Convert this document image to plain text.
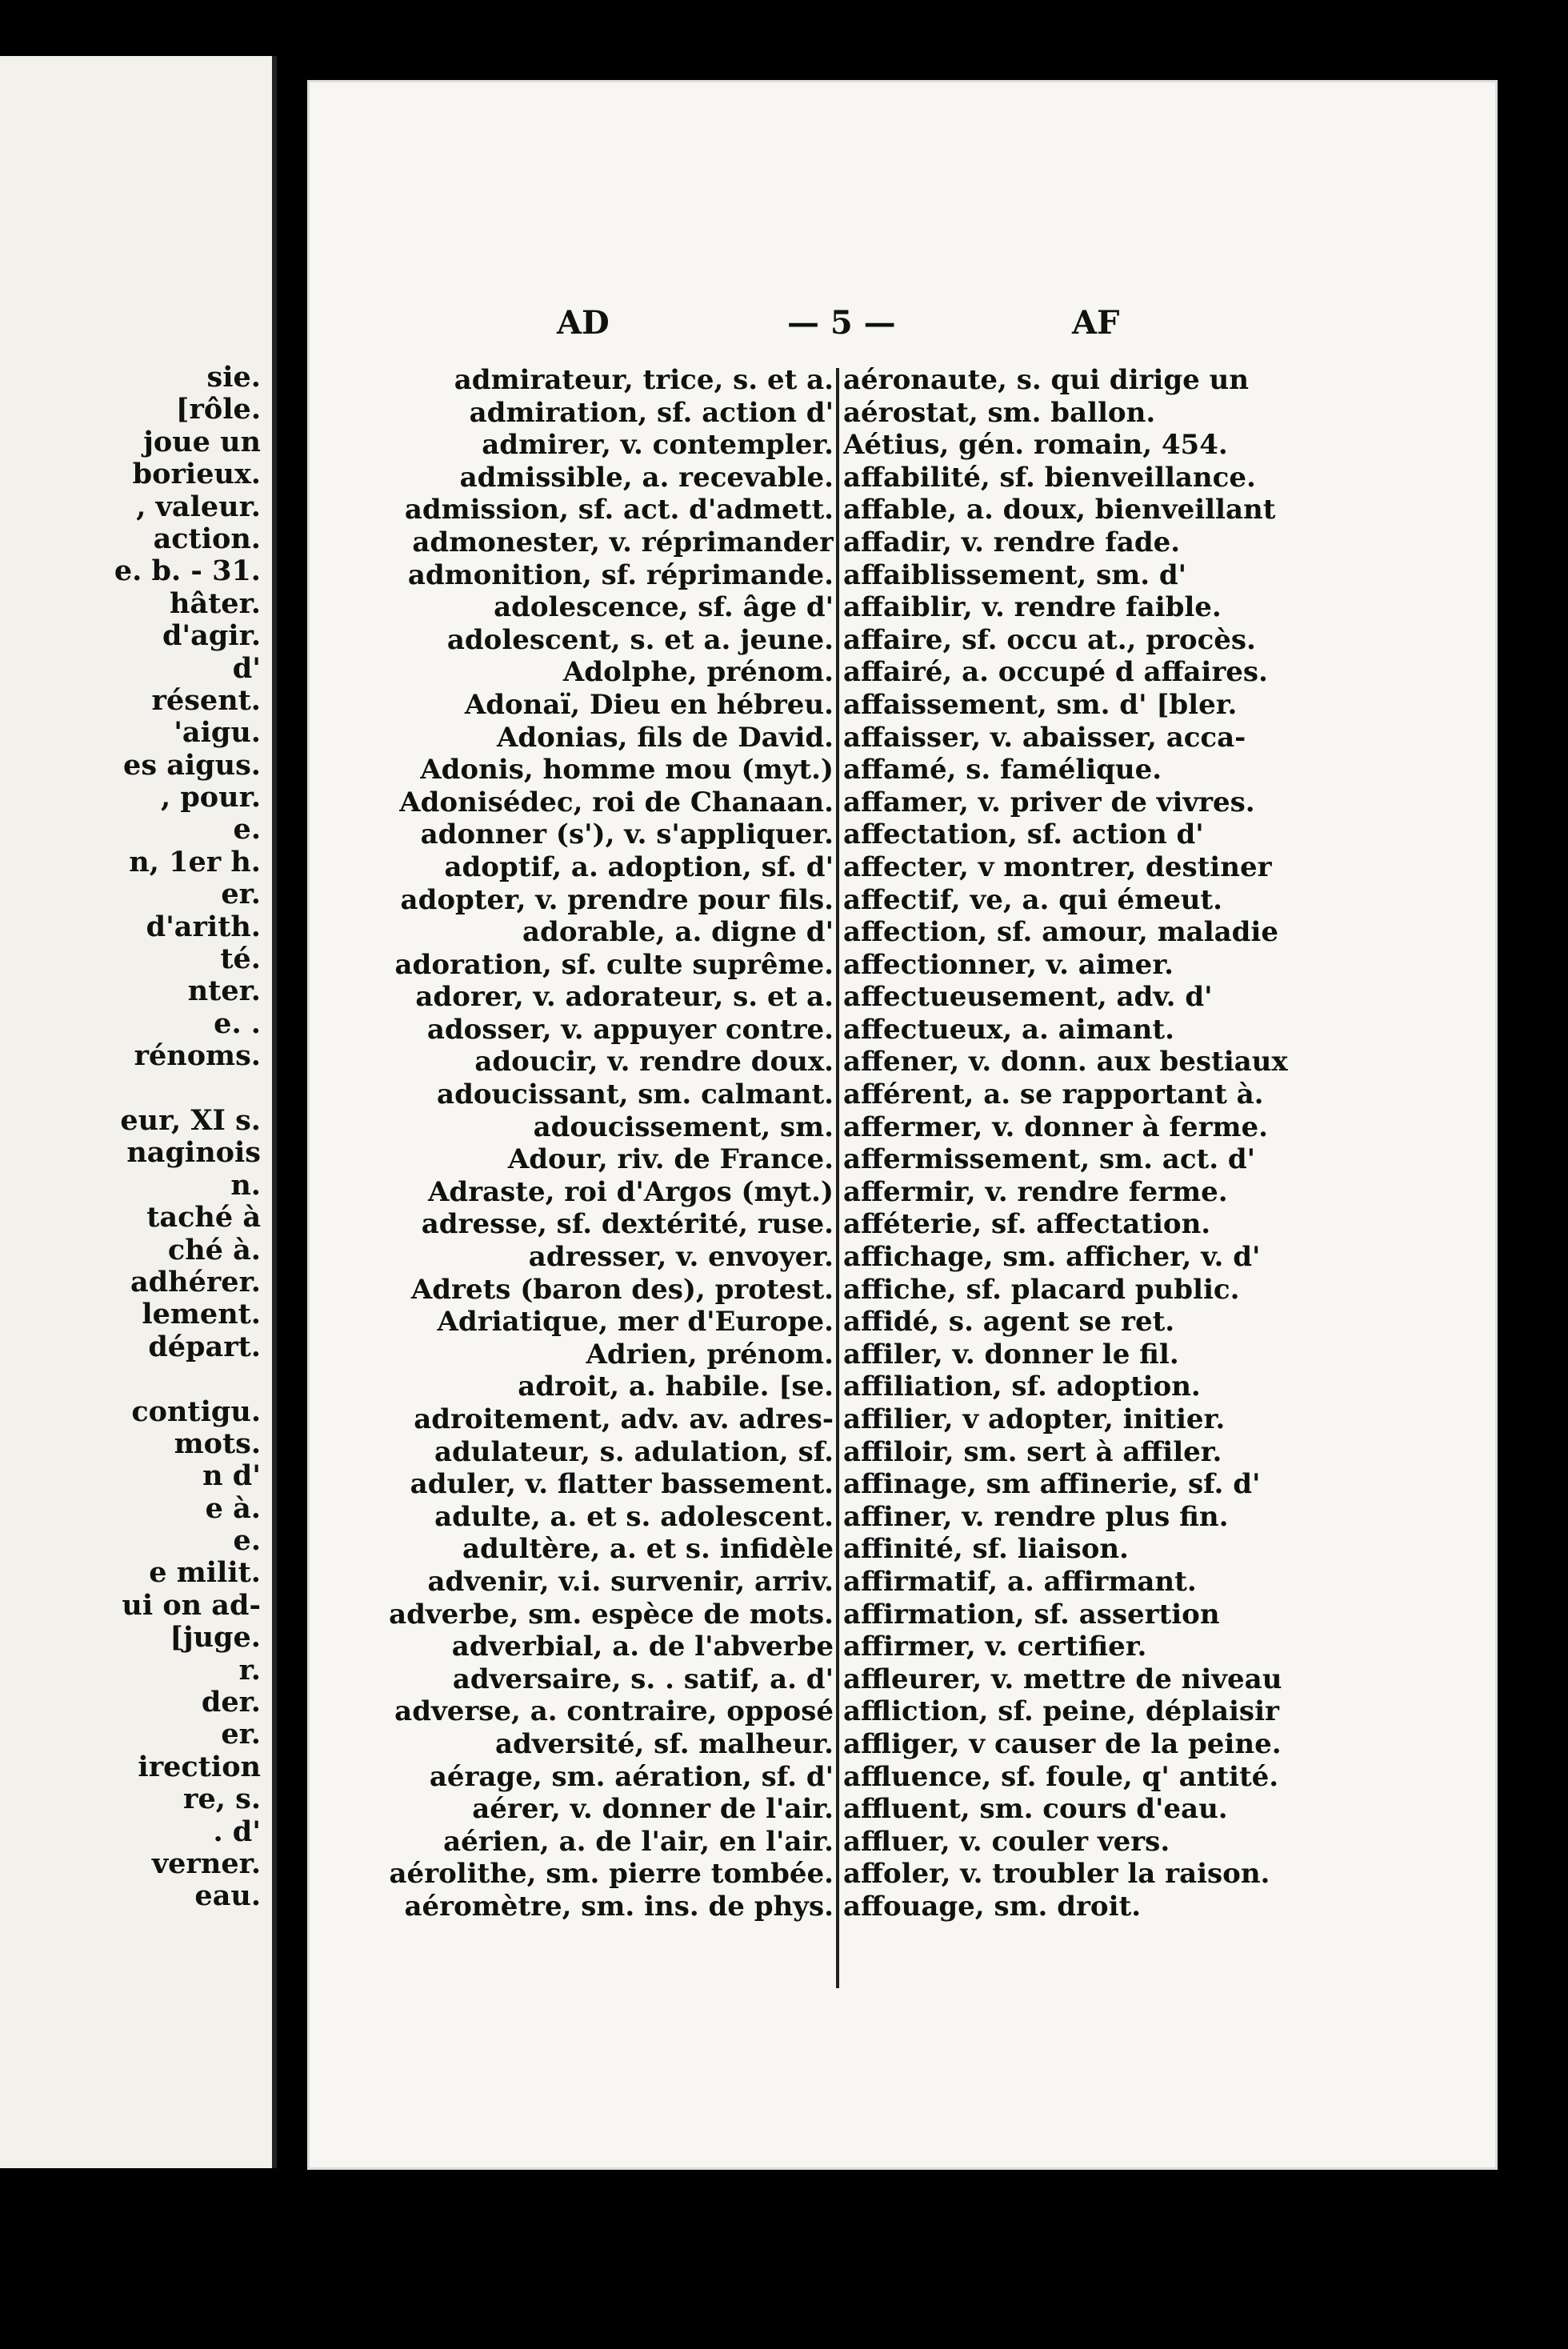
sie.
[rôle.
joue un
borieux.
, valeur.
action.
e. b. - 31.
hâter.
d'agir.
d'
résent.
'aigu.
es aigus.
, pour.
e.
n, 1er h.
er.
d'arith.
té.
nter.
e. .
rénoms.
eur, XI s.
naginois
n.
taché à
ché à.
adhérer.
lement.
départ.
contigu.
mots.
n d'
e à.
e.
e milit.
ui on ad-
[juge.
r.
der.
er.
irection
re, s.
. d'
verner.
eau.
AD	— 5 —	AF
admirateur, trice, s. et a.
admiration, sf. action d'
admirer, v. contempler.
admissible, a. recevable.
admission, sf. act. d'admett.
admonester, v. réprimander
admonition, sf. réprimande.
adolescence, sf. âge d'
adolescent, s. et a. jeune.
Adolphe, prénom.
Adonaï, Dieu en hébreu.
Adonias, fils de David.
Adonis, homme mou (myt.)
Adonisédec, roi de Chanaan.
adonner (s'), v. s'appliquer.
adoptif, a. adoption, sf. d'
adopter, v. prendre pour fils.
adorable, a. digne d'
adoration, sf. culte suprême.
adorer, v. adorateur, s. et a.
adosser, v. appuyer contre.
adoucir, v. rendre doux.
adoucissant, sm. calmant.
adoucissement, sm.
Adour, riv. de France.
Adraste, roi d'Argos (myt.)
adresse, sf. dextérité, ruse.
adresser, v. envoyer.
Adrets (baron des), protest.
Adriatique, mer d'Europe.
Adrien, prénom.
adroit, a. habile. [se.
adroitement, adv. av. adres-
adulateur, s. adulation, sf.
aduler, v. flatter bassement.
adulte, a. et s. adolescent.
adultère, a. et s. infidèle
advenir, v.i. survenir, arriv.
adverbe, sm. espèce de mots.
adverbial, a. de l'abverbe
adversaire, s. . satif, a. d'
adverse, a. contraire, opposé
adversité, sf. malheur.
aérage, sm. aération, sf. d'
aérer, v. donner de l'air.
aérien, a. de l'air, en l'air.
aérolithe, sm. pierre tombée.
aéromètre, sm. ins. de phys.
aéronaute, s. qui dirige un
aérostat, sm. ballon.
Aétius, gén. romain, 454.
affabilité, sf. bienveillance.
affable, a. doux, bienveillant
affadir, v. rendre fade.
affaiblissement, sm. d'
affaiblir, v. rendre faible.
affaire, sf. occu at., procès.
affairé, a. occupé d affaires.
affaissement, sm. d' [bler.
affaisser, v. abaisser, acca-
affamé, s. famélique.
affamer, v. priver de vivres.
affectation, sf. action d'
affecter, v montrer, destiner
affectif, ve, a. qui émeut.
affection, sf. amour, maladie
affectionner, v. aimer.
affectueusement, adv. d'
affectueux, a. aimant.
affener, v. donn. aux bestiaux
afférent, a. se rapportant à.
affermer, v. donner à ferme.
affermissement, sm. act. d'
affermir, v. rendre ferme.
afféterie, sf. affectation.
affichage, sm. afficher, v. d'
affiche, sf. placard public.
affidé, s. agent se ret.
affiler, v. donner le fil.
affiliation, sf. adoption.
affilier, v adopter, initier.
affiloir, sm. sert à affiler.
affinage, sm affinerie, sf. d'
affiner, v. rendre plus fin.
affinité, sf. liaison.
affirmatif, a. affirmant.
affirmation, sf. assertion
affirmer, v. certifier.
affleurer, v. mettre de niveau
affliction, sf. peine, déplaisir
affliger, v causer de la peine.
affluence, sf. foule, q' antité.
affluent, sm. cours d'eau.
affluer, v. couler vers.
affoler, v. troubler la raison.
affouage, sm. droit.
